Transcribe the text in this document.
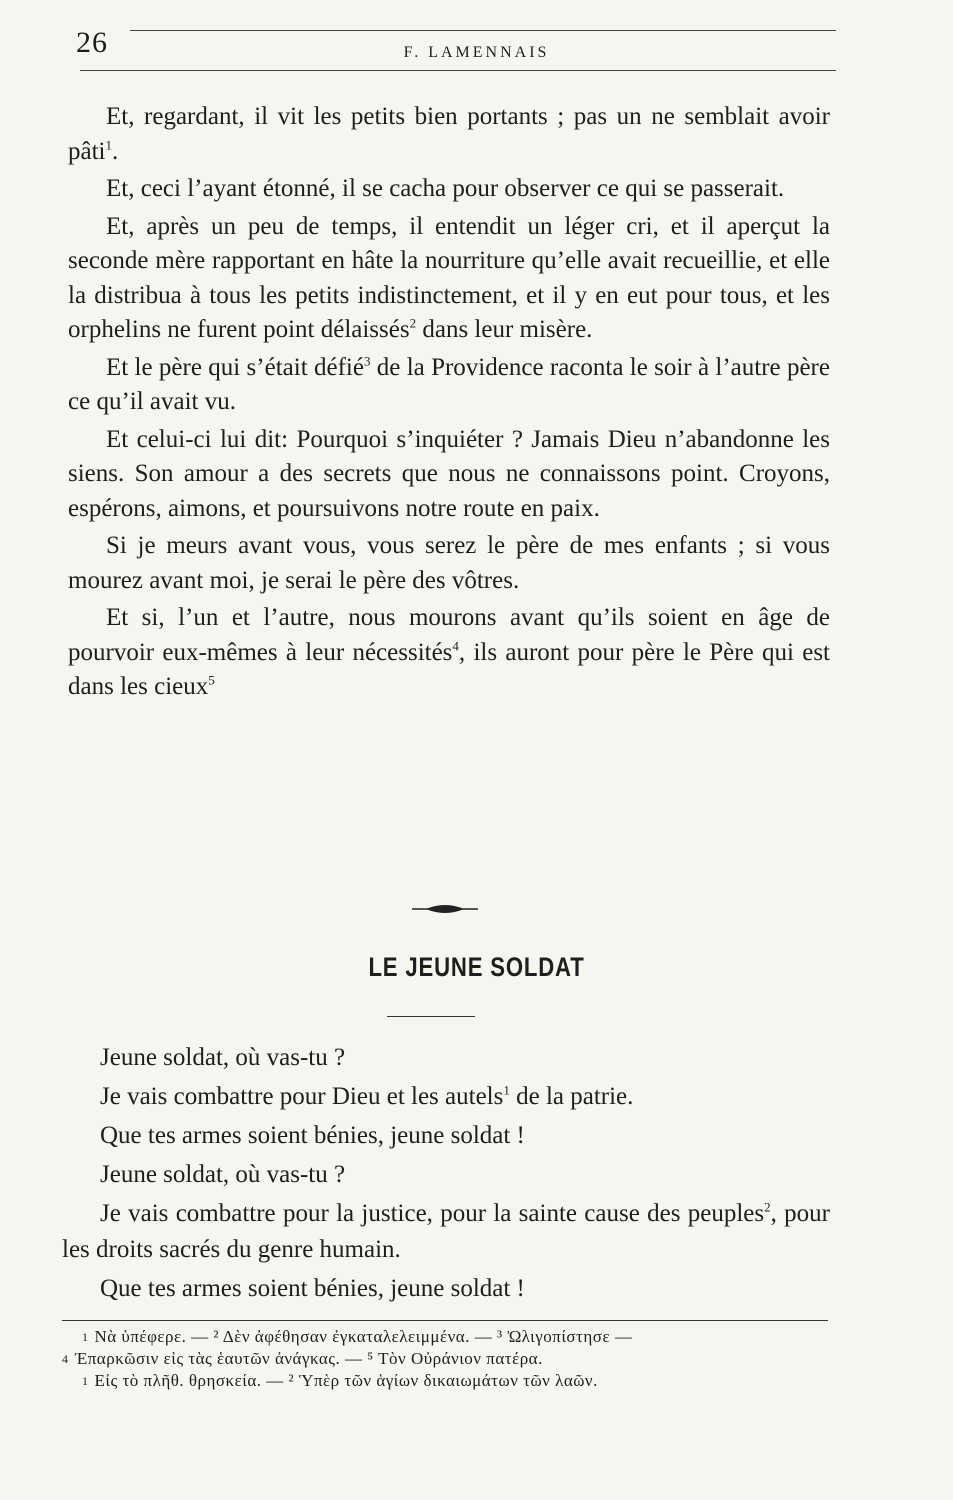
26	F. LAMENNAIS

Et, regardant, il vit les petits bien portants ; pas un ne semblait avoir pâti$^1$.

Et, ceci l’ayant étonné, il se cacha pour observer ce qui se passerait.

Et, après un peu de temps, il entendit un léger cri, et il aperçut la seconde mère rapportant en hâte la nourriture qu’elle avait recueillie, et elle la distribua à tous les petits indistinctement, et il y en eut pour tous, et les orphelins ne furent point délaissés$^2$ dans leur misère.

Et le père qui s’était défié$^3$ de la Providence raconta le soir à l’autre père ce qu’il avait vu.

Et celui-ci lui dit: Pourquoi s’inquiéter ? Jamais Dieu n’abandonne les siens. Son amour a des secrets que nous ne connaissons point. Croyons, espérons, aimons, et poursuivons notre route en paix.

Si je meurs avant vous, vous serez le père de mes enfants ; si vous mourez avant moi, je serai le père des vôtres.

Et si, l’un et l’autre, nous mourons avant qu’ils soient en âge de pourvoir eux-mêmes à leur nécessités$^4$, ils auront pour père le Père qui est dans les cieux$^5$

LE JEUNE SOLDAT

Jeune soldat, où vas-tu ?

Je vais combattre pour Dieu et les autels$^1$ de la patrie.

Que tes armes soient bénies, jeune soldat !

Jeune soldat, où vas-tu ?

Je vais combattre pour la justice, pour la sainte cause des peuples$^2$, pour les droits sacrés du genre humain.

Que tes armes soient bénies, jeune soldat !

$^1$ Νὰ ὑπέφερε. — ² Δὲν ἀφέθησαν ἐγκαταλελειμμένα. — ³ Ὠλιγοπίστησε —

$^4$ Ἐπαρκῶσιν εἰς τὰς ἑαυτῶν ἀνάγκας. — ⁵ Τὸν Οὐράνιον πατέρα.

$^1$ Εἰς τὸ πλῆθ. θρησκεία. — ² Ὑπὲρ τῶν ἁγίων δικαιωμάτων τῶν λαῶν.
